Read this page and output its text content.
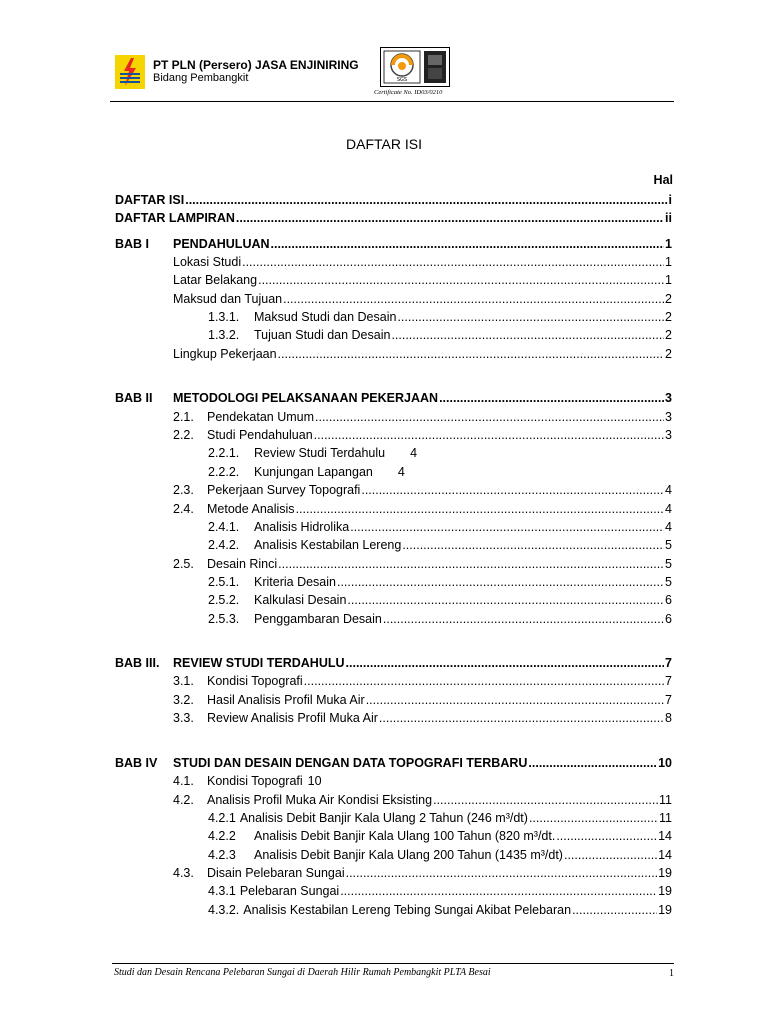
PT PLN (Persero) JASA ENJINIRING
Bidang Pembangkit	SGS
Certificate No. ID03/0210
DAFTAR ISI
Hal
DAFTAR ISI .....	i
DAFTAR LAMPIRAN .....	ii
BAB I	PENDAHULUAN .....	1
Lokasi Studi .....	1
Latar Belakang .....	1
Maksud dan Tujuan .....	2
1.3.1.	Maksud Studi dan Desain .....	2
1.3.2.	Tujuan Studi dan Desain .....	2
Lingkup Pekerjaan .....	2
BAB II	METODOLOGI PELAKSANAAN PEKERJAAN .....	3
2.1.	Pendekatan Umum .....	3
2.2.	Studi Pendahuluan .....	3
2.2.1.	Review Studi Terdahulu 4
2.2.2.	Kunjungan Lapangan 4
2.3.	Pekerjaan Survey Topografi .....	4
2.4.	Metode Analisis .....	4
2.4.1.	Analisis Hidrolika .....	4
2.4.2.	Analisis Kestabilan Lereng .....	5
2.5.	Desain Rinci .....	5
2.5.1.	Kriteria Desain .....	5
2.5.2.	Kalkulasi Desain .....	6
2.5.3.	Penggambaran Desain .....	6
BAB III.	REVIEW STUDI TERDAHULU .....	7
3.1.	Kondisi Topografi .....	7
3.2.	Hasil Analisis Profil Muka Air .....	7
3.3.	Review Analisis Profil Muka Air .....	8
BAB IV	STUDI DAN DESAIN DENGAN DATA TOPOGRAFI TERBARU .....	10
4.1.	Kondisi Topografi 10
4.2.	Analisis Profil Muka Air Kondisi Eksisting .....	11
4.2.1 Analisis Debit Banjir Kala Ulang 2 Tahun (246 m³/dt) .....	11
4.2.2	Analisis Debit Banjir Kala Ulang 100 Tahun (820 m³/dt. .....	14
4.2.3	Analisis Debit Banjir Kala Ulang 200 Tahun (1435 m³/dt) .....	14
4.3.	Disain Pelebaran Sungai .....	19
4.3.1 Pelebaran Sungai .....	19
4.3.2. Analisis Kestabilan Lereng Tebing Sungai Akibat Pelebaran .....	19
Studi dan Desain Rencana Pelebaran Sungai di Daerah Hilir Rumah Pembangkit PLTA Besai	1
